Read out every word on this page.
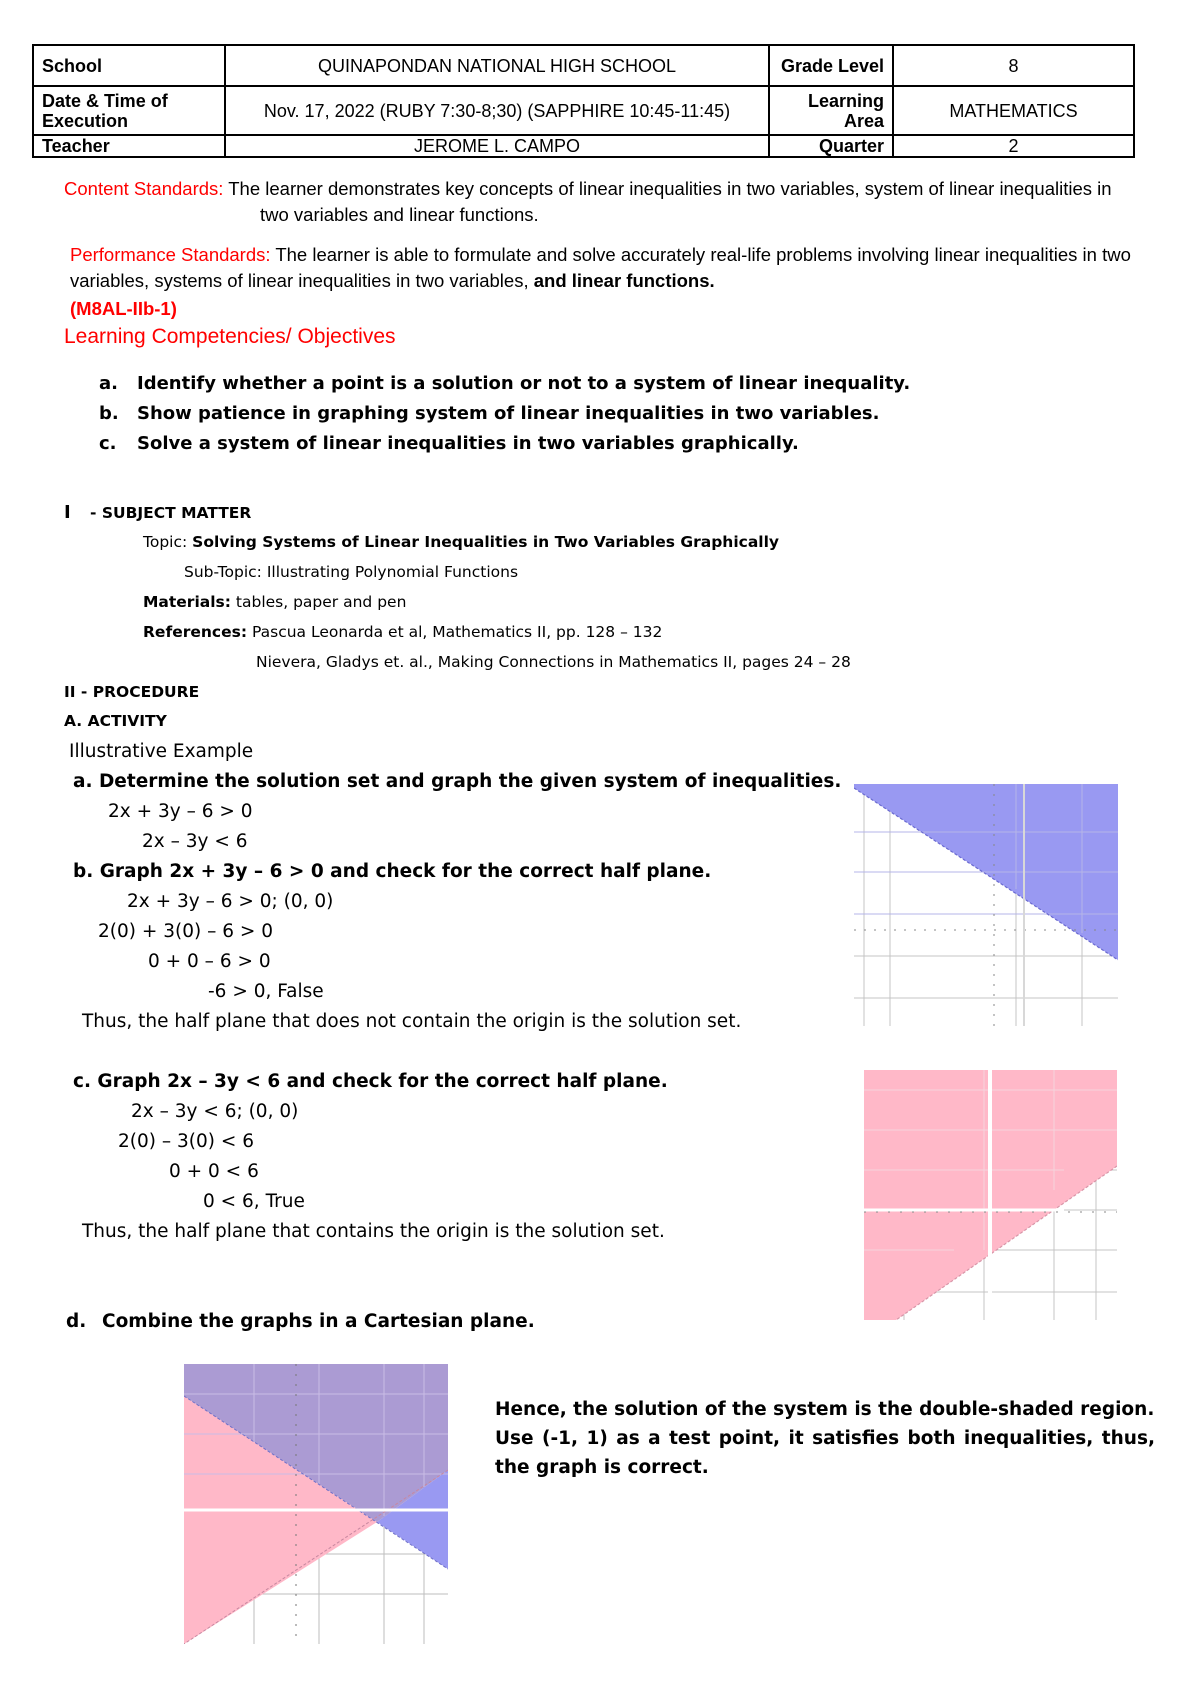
School	QUINAPONDAN NATIONAL HIGH SCHOOL	Grade Level	8
Date & Time of Execution	Nov. 17, 2022 (RUBY 7:30-8;30) (SAPPHIRE 10:45-11:45)	Learning Area	MATHEMATICS
Teacher	JEROME L. CAMPO	Quarter	2
Content Standards: The learner demonstrates key concepts of linear inequalities in two variables, system of linear inequalities in two variables and linear functions.
Performance Standards: The learner is able to formulate and solve accurately real-life problems involving linear inequalities in two variables, systems of linear inequalities in two variables, and linear functions.
(M8AL-IIb-1)
Learning Competencies/ Objectives
a. Identify whether a point is a solution or not to a system of linear inequality.
b. Show patience in graphing system of linear inequalities in two variables.
c. Solve a system of linear inequalities in two variables graphically.
I - SUBJECT MATTER
Topic: Solving Systems of Linear Inequalities in Two Variables Graphically
Sub-Topic: Illustrating Polynomial Functions
Materials: tables, paper and pen
References: Pascua Leonarda et al, Mathematics II, pp. 128 – 132
Nievera, Gladys et. al., Making Connections in Mathematics II, pages 24 – 28
II - PROCEDURE
A. ACTIVITY
Illustrative Example
a. Determine the solution set and graph the given system of inequalities.
2x + 3y – 6 > 0
2x – 3y < 6
b. Graph 2x + 3y – 6 > 0 and check for the correct half plane.
2x + 3y – 6 > 0; (0, 0)
2(0) + 3(0) – 6 > 0
0 + 0 – 6 > 0
-6 > 0, False
Thus, the half plane that does not contain the origin is the solution set.
c. Graph 2x – 3y < 6 and check for the correct half plane.
2x – 3y < 6; (0, 0)
2(0) – 3(0) < 6
0 + 0 < 6
0 < 6, True
Thus, the half plane that contains the origin is the solution set.
d. Combine the graphs in a Cartesian plane.
Hence, the solution of the system is the double-shaded region.
Use (-1, 1) as a test point, it satisfies both inequalities, thus, the graph is correct.
